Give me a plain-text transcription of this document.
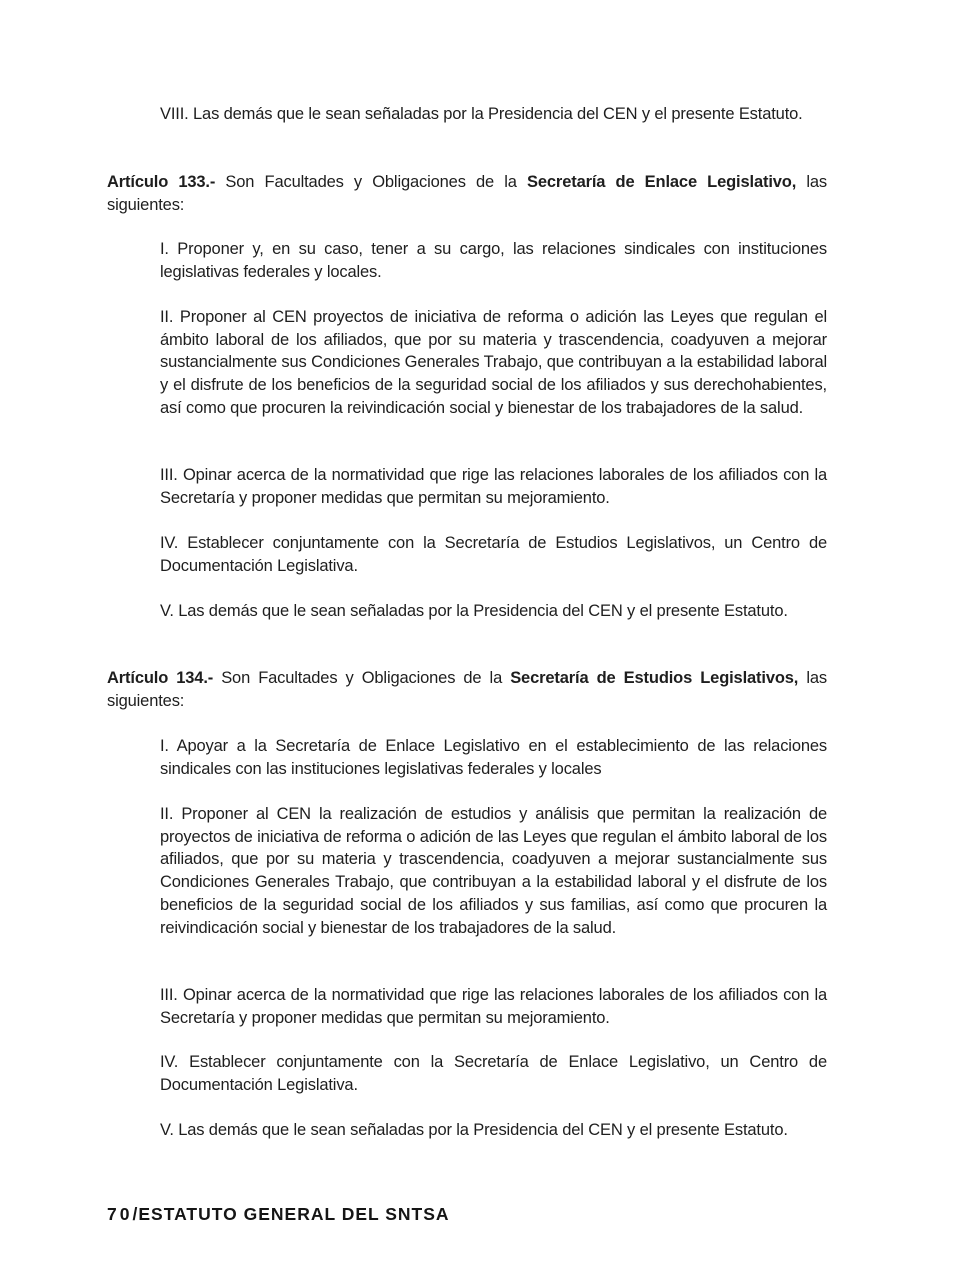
VIII. Las demás que le sean señaladas por la Presidencia del CEN y el presente Estatuto.

Artículo 133.- Son Facultades y Obligaciones de la Secretaría de Enlace Legislativo, las siguientes:

I. Proponer y, en su caso, tener a su cargo, las relaciones sindicales con instituciones legislativas federales y locales.

II. Proponer al CEN proyectos de iniciativa de reforma o adición las Leyes que regulan el ámbito laboral de los afiliados, que por su materia y trascendencia, coadyuven a mejorar sustancialmente sus Condiciones Generales Trabajo, que contribuyan a la estabilidad laboral y el disfrute de los beneficios de la seguridad social de los afiliados y sus derechohabientes, así como que procuren la reivindicación social y bienestar de los trabajadores de la salud.

III. Opinar acerca de la normatividad que rige las relaciones laborales de los afiliados con la Secretaría y proponer medidas que permitan su mejoramiento.

IV. Establecer conjuntamente con la Secretaría de Estudios Legislativos, un Centro de Documentación Legislativa.

V. Las demás que le sean señaladas por la Presidencia del CEN y el presente Estatuto.

Artículo 134.- Son Facultades y Obligaciones de la Secretaría de Estudios Legislativos, las siguientes:

I. Apoyar a la Secretaría de Enlace Legislativo en el establecimiento de las relaciones sindicales con las instituciones legislativas federales y locales

II. Proponer al CEN la realización de estudios y análisis que permitan la realización de proyectos de iniciativa de reforma o adición de las Leyes que regulan el ámbito laboral de los afiliados, que por su materia y trascendencia, coadyuven a mejorar sustancialmente sus Condiciones Generales Trabajo, que contribuyan a la estabilidad laboral y el disfrute de los beneficios de la seguridad social de los afiliados y sus familias, así como que procuren la reivindicación social y bienestar de los trabajadores de la salud.

III. Opinar acerca de la normatividad que rige las relaciones laborales de los afiliados con la Secretaría y proponer medidas que permitan su mejoramiento.

IV. Establecer conjuntamente con la Secretaría de Enlace Legislativo, un Centro de Documentación Legislativa.

V. Las demás que le sean señaladas por la Presidencia del CEN y el presente Estatuto.

70/ESTATUTO GENERAL DEL SNTSA
